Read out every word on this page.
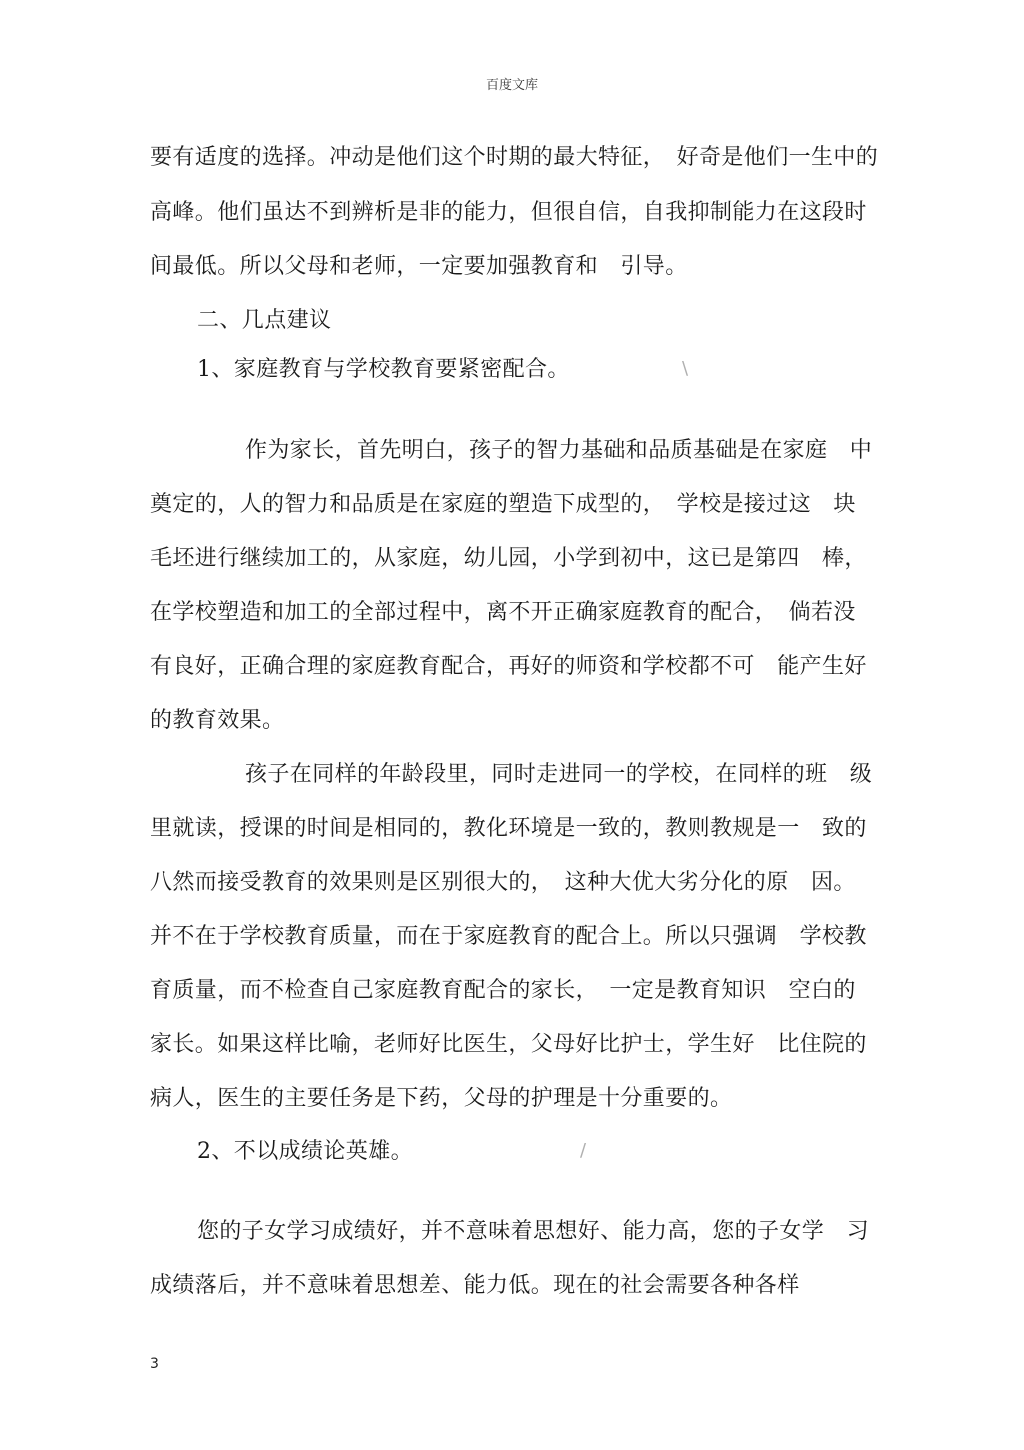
百度文库
要有适度的选择。冲动是他们这个时期的最大特征，　好奇是他们一生中的
高峰。他们虽达不到辨析是非的能力，但很自信，自我抑制能力在这段时
间最低。所以父母和老师，一定要加强教育和　引导。
二、几点建议
1、家庭教育与学校教育要紧密配合。	\
作为家长，首先明白，孩子的智力基础和品质基础是在家庭　中
奠定的，人的智力和品质是在家庭的塑造下成型的，　学校是接过这　块
毛坯进行继续加工的，从家庭，幼儿园，小学到初中，这已是第四　棒，
在学校塑造和加工的全部过程中，离不开正确家庭教育的配合，　倘若没
有良好，正确合理的家庭教育配合，再好的师资和学校都不可　能产生好
的教育效果。
孩子在同样的年龄段里，同时走进同一的学校，在同样的班　级
里就读，授课的时间是相同的，教化环境是一致的，教则教规是一　致的
八然而接受教育的效果则是区别很大的，　这种大优大劣分化的原　因。
并不在于学校教育质量，而在于家庭教育的配合上。所以只强调　学校教
育质量，而不检查自己家庭教育配合的家长，　一定是教育知识　空白的
家长。如果这样比喻，老师好比医生，父母好比护士，学生好　比住院的
病人，医生的主要任务是下药，父母的护理是十分重要的。
2、不以成绩论英雄。	/
您的子女学习成绩好，并不意味着思想好、能力高，您的子女学　习
成绩落后，并不意味着思想差、能力低。现在的社会需要各种各样
3
